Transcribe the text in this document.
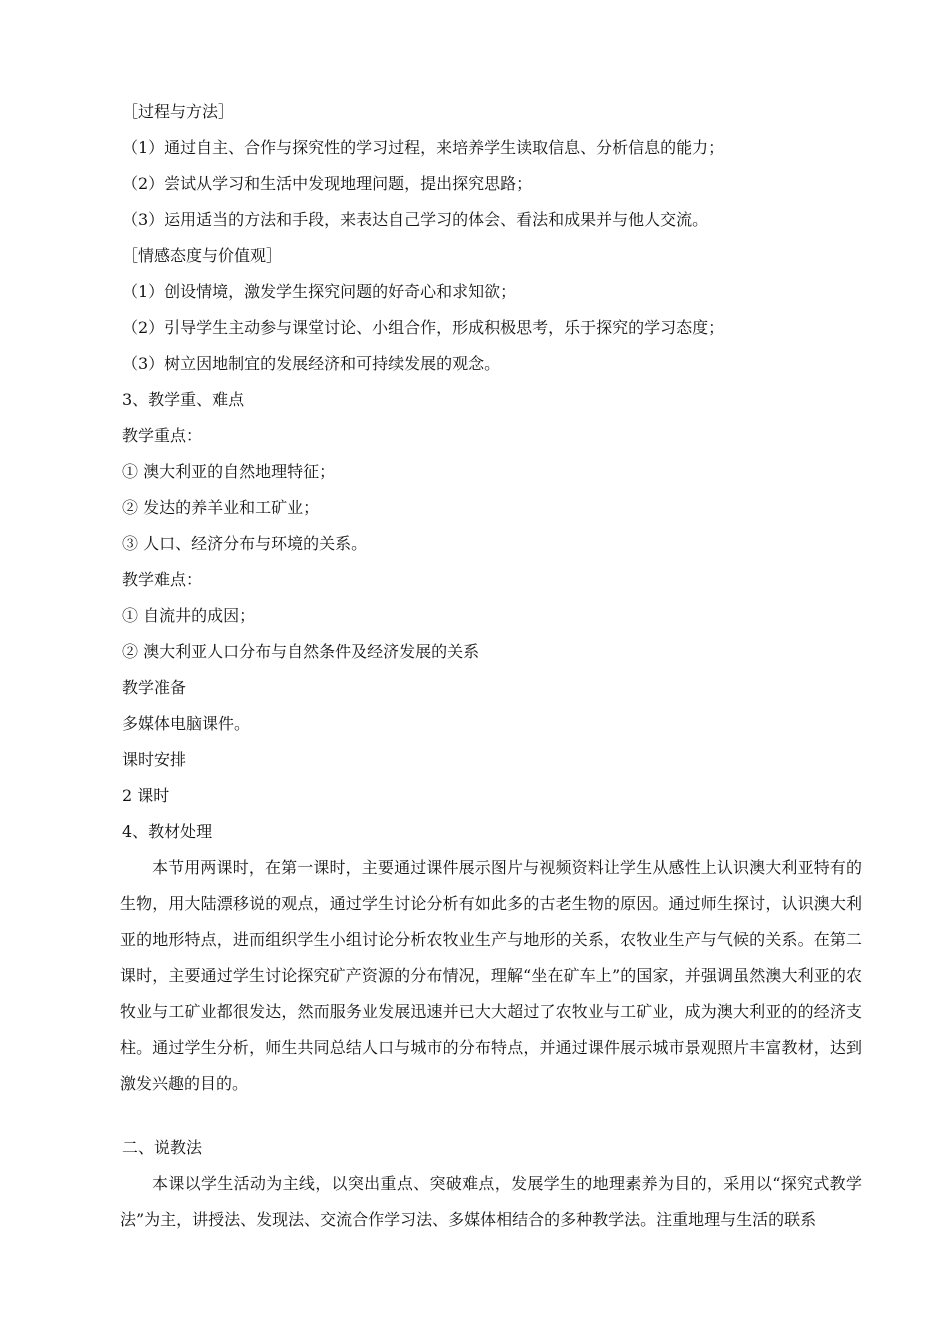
［过程与方法］
（1）通过自主、合作与探究性的学习过程，来培养学生读取信息、分析信息的能力；
（2）尝试从学习和生活中发现地理问题，提出探究思路；
（3）运用适当的方法和手段，来表达自己学习的体会、看法和成果并与他人交流。
［情感态度与价值观］
（1）创设情境，激发学生探究问题的好奇心和求知欲；
（2）引导学生主动参与课堂讨论、小组合作，形成积极思考，乐于探究的学习态度；
（3）树立因地制宜的发展经济和可持续发展的观念。
3、教学重、难点
教学重点：
① 澳大利亚的自然地理特征；
② 发达的养羊业和工矿业；
③ 人口、经济分布与环境的关系。
教学难点：
① 自流井的成因；
② 澳大利亚人口分布与自然条件及经济发展的关系
教学准备
多媒体电脑课件。
课时安排
2 课时
4、教材处理

本节用两课时，在第一课时，主要通过课件展示图片与视频资料让学生从感性上认识澳大利亚特有的生物，用大陆漂移说的观点，通过学生讨论分析有如此多的古老生物的原因。通过师生探讨，认识澳大利亚的地形特点，进而组织学生小组讨论分析农牧业生产与地形的关系，农牧业生产与气候的关系。在第二课时，主要通过学生讨论探究矿产资源的分布情况，理解“坐在矿车上”的国家，并强调虽然澳大利亚的农牧业与工矿业都很发达，然而服务业发展迅速并已大大超过了农牧业与工矿业，成为澳大利亚的的经济支柱。通过学生分析，师生共同总结人口与城市的分布特点，并通过课件展示城市景观照片丰富教材，达到激发兴趣的目的。

二、说教法

本课以学生活动为主线，以突出重点、突破难点，发展学生的地理素养为目的，采用以“探究式教学法”为主，讲授法、发现法、交流合作学习法、多媒体相结合的多种教学法。注重地理与生活的联系
